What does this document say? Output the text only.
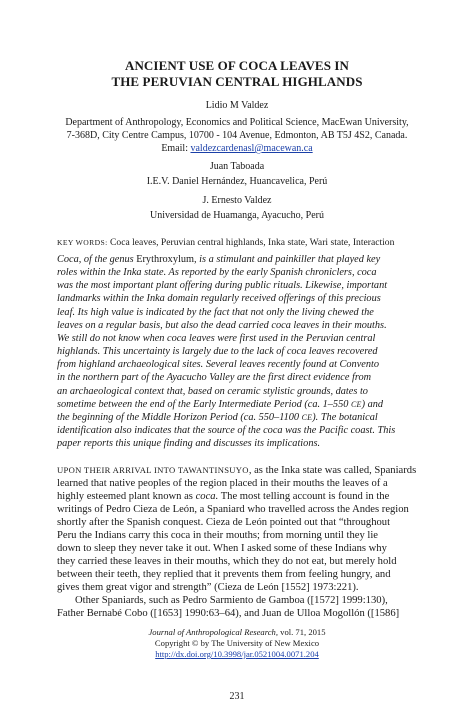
ANCIENT USE OF COCA LEAVES IN
THE PERUVIAN CENTRAL HIGHLANDS
Lidio M Valdez
Department of Anthropology, Economics and Political Science, MacEwan University,
7-368D, City Centre Campus, 10700 - 104 Avenue, Edmonton, AB T5J 4S2, Canada.
Email: valdezcardenasl@macewan.ca
Juan Taboada
I.E.V. Daniel Hernández, Huancavelica, Perú
J. Ernesto Valdez
Universidad de Huamanga, Ayacucho, Perú
KEY WORDS: Coca leaves, Peruvian central highlands, Inka state, Wari state, Interaction
Coca, of the genus Erythroxylum, is a stimulant and painkiller that played key
roles within the Inka state. As reported by the early Spanish chroniclers, coca
was the most important plant offering during public rituals. Likewise, important
landmarks within the Inka domain regularly received offerings of this precious
leaf. Its high value is indicated by the fact that not only the living chewed the
leaves on a regular basis, but also the dead carried coca leaves in their mouths.
We still do not know when coca leaves were first used in the Peruvian central
highlands. This uncertainty is largely due to the lack of coca leaves recovered
from highland archaeological sites. Several leaves recently found at Convento
in the northern part of the Ayacucho Valley are the first direct evidence from
an archaeological context that, based on ceramic stylistic grounds, dates to
sometime between the end of the Early Intermediate Period (ca. 1–550 CE) and
the beginning of the Middle Horizon Period (ca. 550–1100 CE). The botanical
identification also indicates that the source of the coca was the Pacific coast. This
paper reports this unique finding and discusses its implications.
UPON THEIR ARRIVAL INTO TAWANTINSUYO, as the Inka state was called, Spaniards
learned that native peoples of the region placed in their mouths the leaves of a
highly esteemed plant known as coca. The most telling account is found in the
writings of Pedro Cieza de León, a Spaniard who travelled across the Andes region
shortly after the Spanish conquest. Cieza de León pointed out that “throughout
Peru the Indians carry this coca in their mouths; from morning until they lie
down to sleep they never take it out. When I asked some of these Indians why
they carried these leaves in their mouths, which they do not eat, but merely hold
between their teeth, they replied that it prevents them from feeling hungry, and
gives them great vigor and strength” (Cieza de León [1552] 1973:221).
Other Spaniards, such as Pedro Sarmiento de Gamboa ([1572] 1999:130),
Father Bernabé Cobo ([1653] 1990:63–64), and Juan de Ulloa Mogollón ([1586]
Journal of Anthropological Research, vol. 71, 2015
Copyright © by The University of New Mexico
http://dx.doi.org/10.3998/jar.0521004.0071.204
231
